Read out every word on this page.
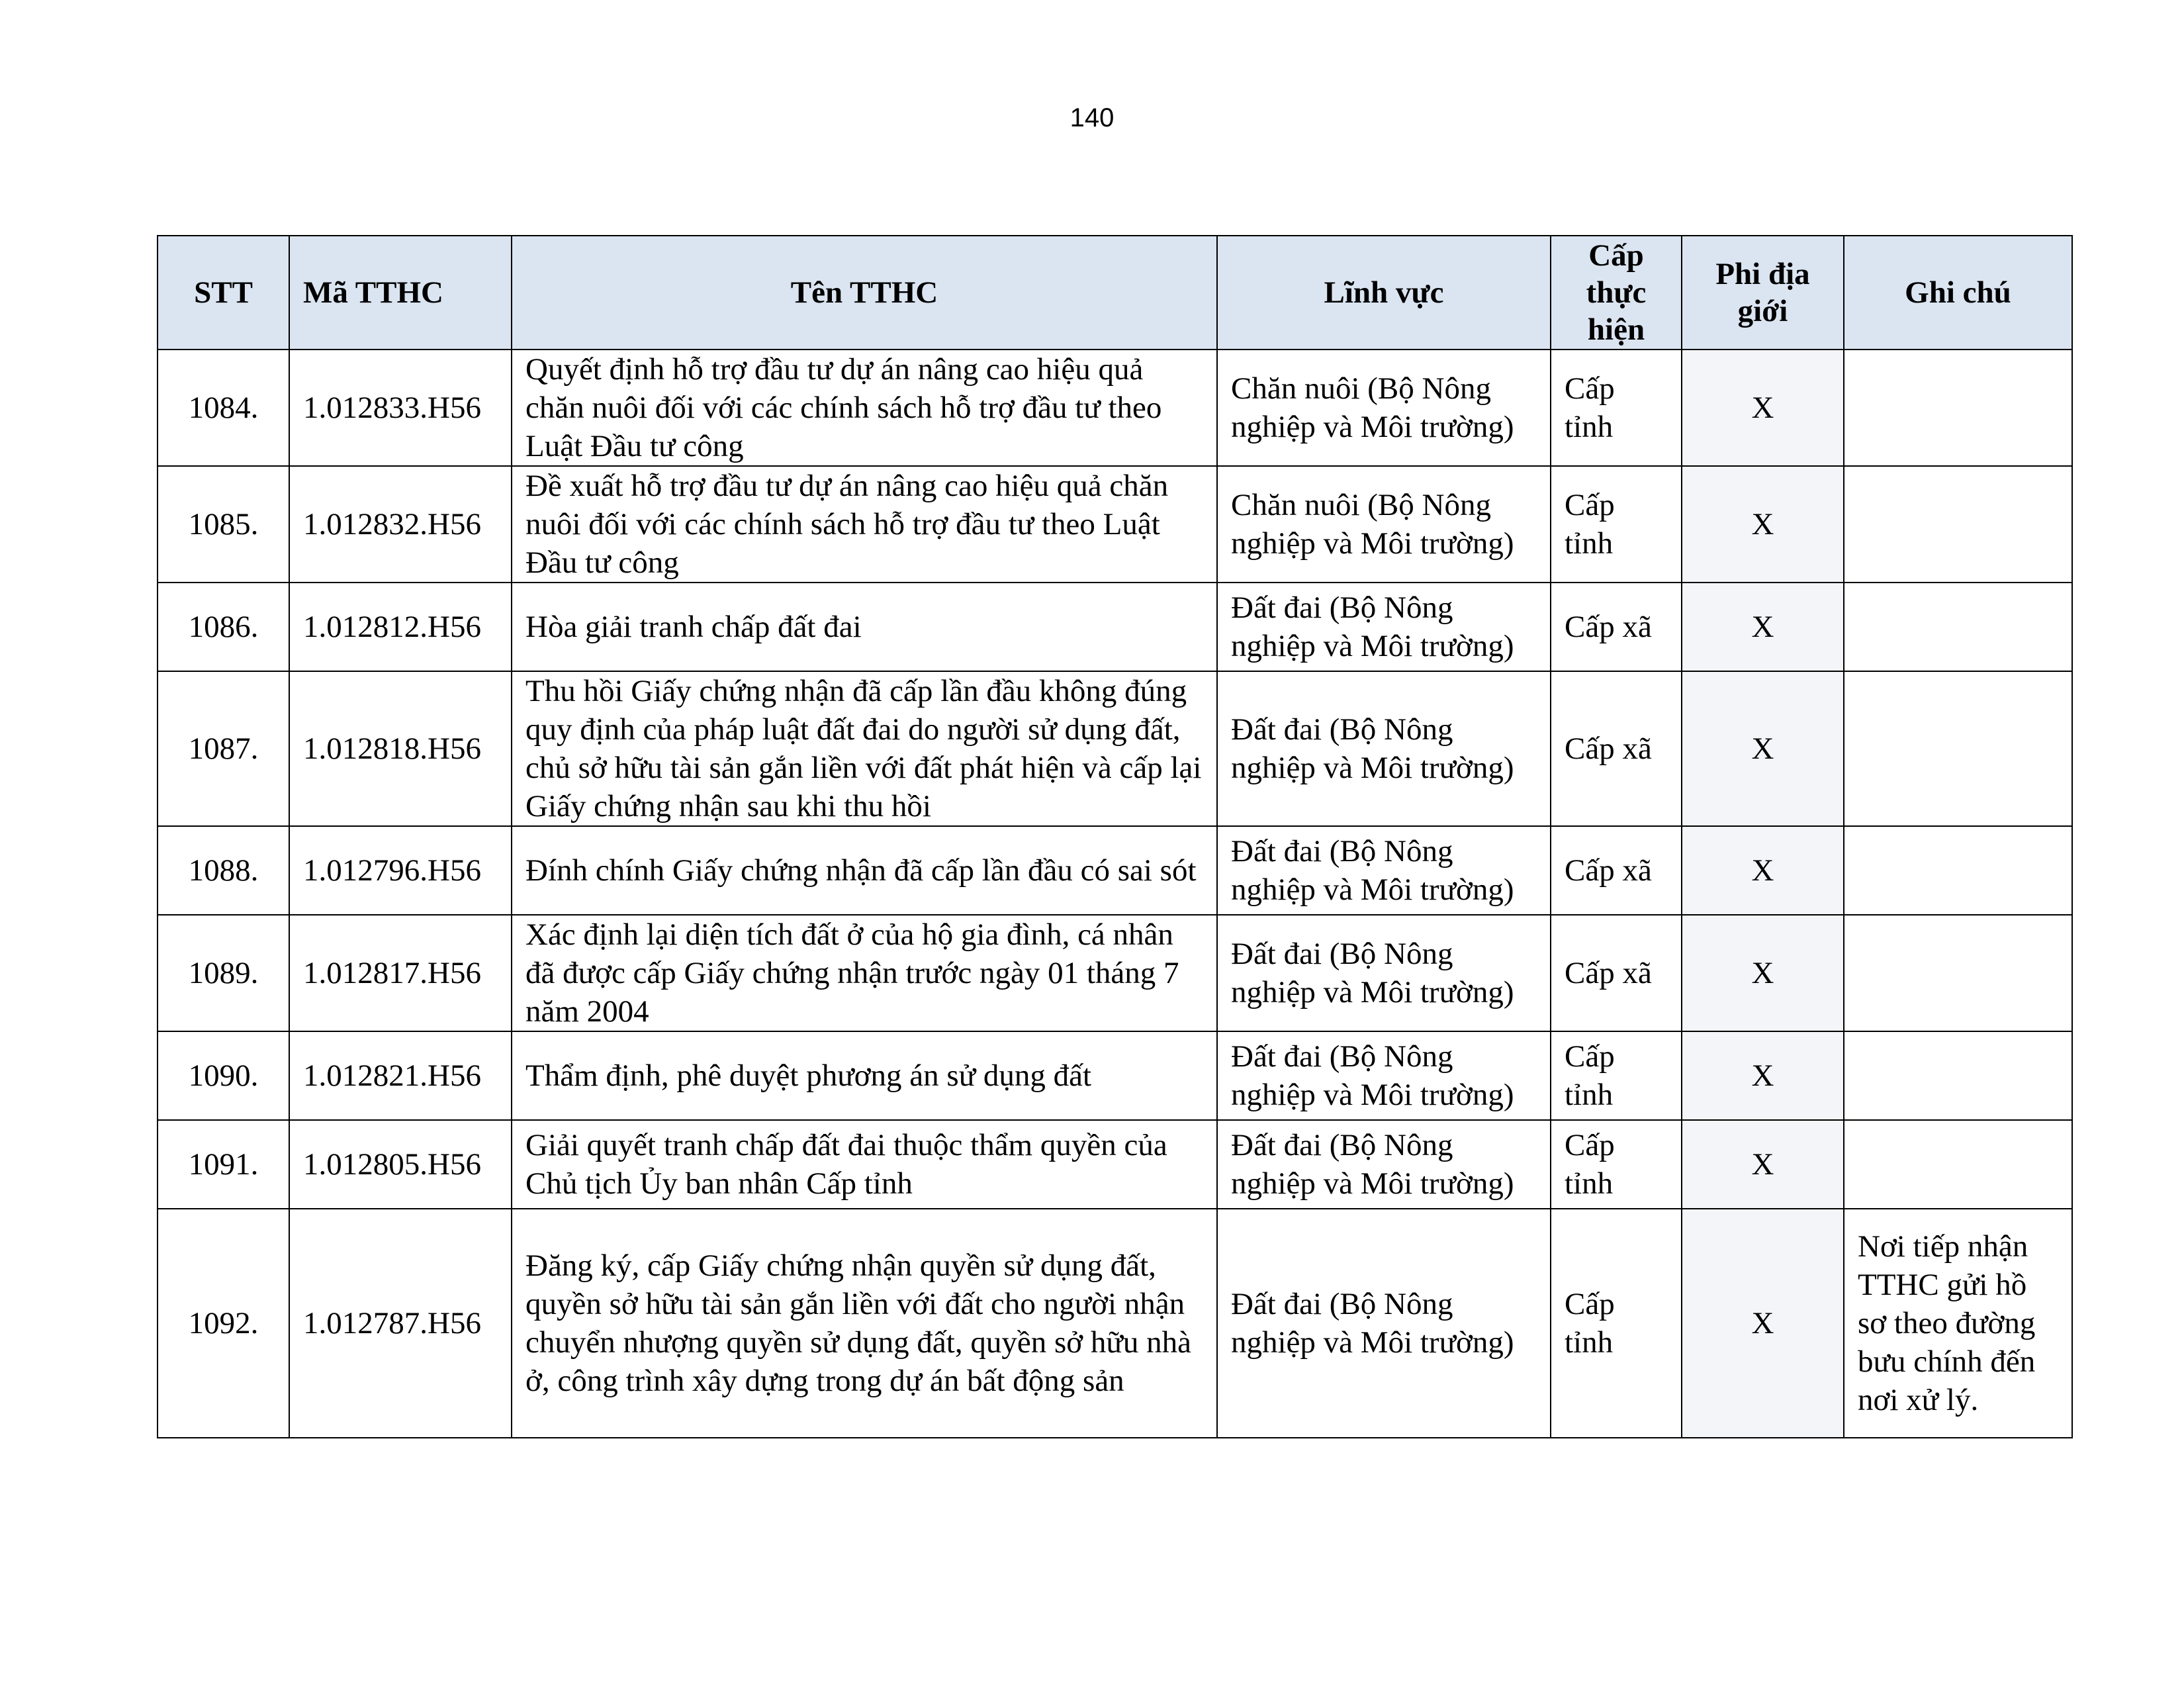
140
STT	Mã TTHC	Tên TTHC	Lĩnh vực	Cấp thực hiện	Phi địa giới	Ghi chú
1084.	1.012833.H56	Quyết định hỗ trợ đầu tư dự án nâng cao hiệu quả chăn nuôi đối với các chính sách hỗ trợ đầu tư theo Luật Đầu tư công	Chăn nuôi (Bộ Nông nghiệp và Môi trường)	Cấp tỉnh	X	
1085.	1.012832.H56	Đề xuất hỗ trợ đầu tư dự án nâng cao hiệu quả chăn nuôi đối với các chính sách hỗ trợ đầu tư theo Luật Đầu tư công	Chăn nuôi (Bộ Nông nghiệp và Môi trường)	Cấp tỉnh	X	
1086.	1.012812.H56	Hòa giải tranh chấp đất đai	Đất đai (Bộ Nông nghiệp và Môi trường)	Cấp xã	X	
1087.	1.012818.H56	Thu hồi Giấy chứng nhận đã cấp lần đầu không đúng quy định của pháp luật đất đai do người sử dụng đất, chủ sở hữu tài sản gắn liền với đất phát hiện và cấp lại Giấy chứng nhận sau khi thu hồi	Đất đai (Bộ Nông nghiệp và Môi trường)	Cấp xã	X	
1088.	1.012796.H56	Đính chính Giấy chứng nhận đã cấp lần đầu có sai sót	Đất đai (Bộ Nông nghiệp và Môi trường)	Cấp xã	X	
1089.	1.012817.H56	Xác định lại diện tích đất ở của hộ gia đình, cá nhân đã được cấp Giấy chứng nhận trước ngày 01 tháng 7 năm 2004	Đất đai (Bộ Nông nghiệp và Môi trường)	Cấp xã	X	
1090.	1.012821.H56	Thẩm định, phê duyệt phương án sử dụng đất	Đất đai (Bộ Nông nghiệp và Môi trường)	Cấp tỉnh	X	
1091.	1.012805.H56	Giải quyết tranh chấp đất đai thuộc thẩm quyền của Chủ tịch Ủy ban nhân Cấp tỉnh	Đất đai (Bộ Nông nghiệp và Môi trường)	Cấp tỉnh	X	
1092.	1.012787.H56	Đăng ký, cấp Giấy chứng nhận quyền sử dụng đất, quyền sở hữu tài sản gắn liền với đất cho người nhận chuyển nhượng quyền sử dụng đất, quyền sở hữu nhà ở, công trình xây dựng trong dự án bất động sản	Đất đai (Bộ Nông nghiệp và Môi trường)	Cấp tỉnh	X	Nơi tiếp nhận TTHC gửi hồ sơ theo đường bưu chính đến nơi xử lý.
